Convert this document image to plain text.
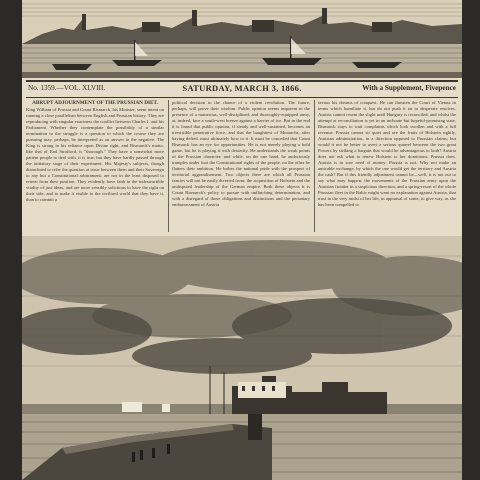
No. 1359.—VOL. XLVIII.	SATURDAY, MARCH 3, 1866.	With a Supplement, Fivepence
ABRUPT ADJOURNMENT OF THE PRUSSIAN DIET.

King William of Prussia and Count Bismarck, his Minister, seem intent on running a close parallelism between English and Prussian history. They are reproducing with singular exactness the conflict between Charles I. and his Parliament. Whether they contemplate the possibility of a similar termination to the struggle is a question to which the course they are pursuing may, perhaps, be interpreted as an answer in the negative. The King is strong in his reliance upon Divine right, and Bismarck's motto, like that of Earl Strafford, is "thorough." They have a somewhat more patient people to deal with, it is true; but they have hardly passed through the initiatory stage of their experiment. His Majesty's subjects, though disinclined to refer the question at issue between them and their Sovereign to any but a Constitutional arbitrament, are not in the least disposed to retreat from their position. They evidently have faith in the indestructible vitality of just ideas, and are more sensibly solicitous to have the right on their side, and to make it visible to the civilised world that they have it, than to commit a

political decision to the chance of a violent revolution. The future, perhaps, will prove their wisdom. Public opinion seems impotent in the presence of a numerous, well-disciplined, and thoroughly-equipped army, at, indeed, face a south-west breeze against a barrier of ice. But in the end it is found that public opinion, if steady and well-sustained, becomes an irresistible penetrative force, and that the haughtiest of Monarchs, after having defied, must ultimately bow to it. It must be conceded that Count Bismarck has an eye for opportunities. He is not merely playing a bold game, but he is playing it with dexterity. He understands the weak points of the Prussian character; and while, on the one hand, he audaciously tramples under foot the Constitutional rights of the people, on the other he flatters their ambition. He bribes the national pride with the prospect of territorial aggrandisement. Two objects there are which all Prussian fancies will not be easily diverted from: the acquisition of Holstein and the undisputed leadership of the German empire. Both these objects it is Count Bismarck's policy to pursue with unflinching determination, and with a disregard of those obligations and distinctions and the pecuniary embarrassment of Austria

favour his dreams of conquest. He can threaten the Court of Vienna in terms which humiliate it, but do not push it on to desperate resolves. Austria cannot resent the slight until Hungary is reconciled; and whilst the attempt at reconciliation is yet in an inchoate but hopeful-promising state, Bismarck stays to wait complaints which look swollen and with a full revenue. Prussia cannot sit quiet and see the fruits of Holstein rightly, Austrian administration, in a direction opposed to Prussian claims; but would it not be better to avert a serious quarrel between the two great Powers by striking a bargain that would be advantageous to both? Austria does not ask what to renew Holstein to her dominions. Prussia does. Austria is in sore need of money: Prussia is not. Why not make an amicable exchange, by which the one would get the territory and Austria the cash? But if this friendly adjustment cannot be—well, it is not out to say what may happen; the movements of the Prussian army upon the Austrian frontier in a suspicious direction, and a spring-resort of the whole Prussian fleet in the Baltic might want no explanation against Austria, that trust in the very midst of her life, in appraisal of some, to give way, as she has been compelled to
